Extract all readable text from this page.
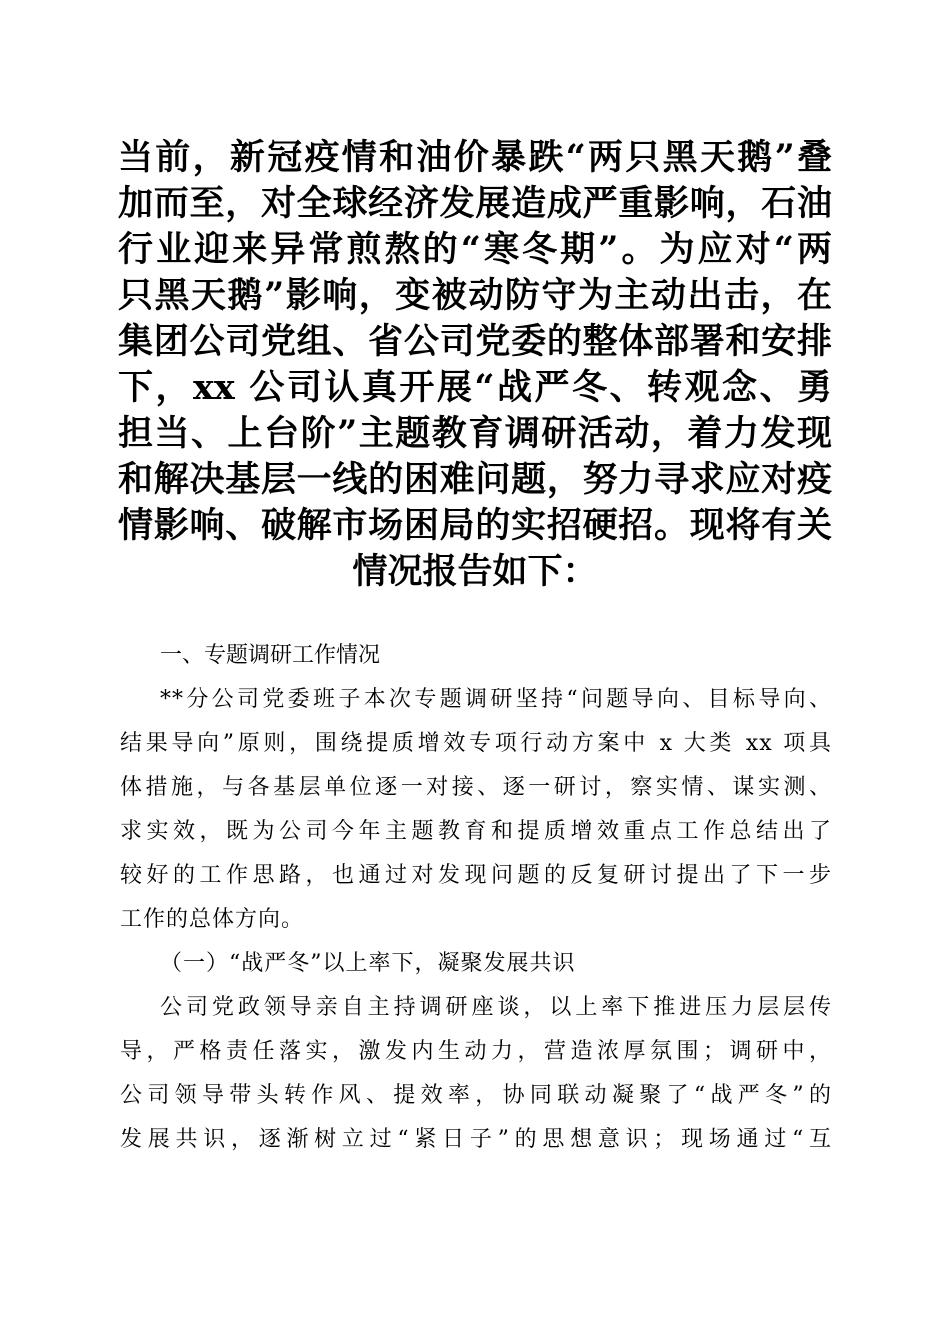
当前，新冠疫情和油价暴跌“两只黑天鹅”叠
加而至，对全球经济发展造成严重影响，石油
行业迎来异常煎熬的“寒冬期”。为应对“两
只黑天鹅”影响，变被动防守为主动出击，在
集团公司党组、省公司党委的整体部署和安排
下，xx 公司认真开展“战严冬、转观念、勇
担当、上台阶”主题教育调研活动，着力发现
和解决基层一线的困难问题，努力寻求应对疫
情影响、破解市场困局的实招硬招。现将有关
情况报告如下：
一、专题调研工作情况
**分公司党委班子本次专题调研坚持“问题导向、目标导向、
结果导向”原则，围绕提质增效专项行动方案中 x 大类 xx 项具
体措施，与各基层单位逐一对接、逐一研讨，察实情、谋实测、
求实效，既为公司今年主题教育和提质增效重点工作总结出了
较好的工作思路，也通过对发现问题的反复研讨提出了下一步
工作的总体方向。
（一）“战严冬”以上率下，凝聚发展共识
公司党政领导亲自主持调研座谈，以上率下推进压力层层传
导，严格责任落实，激发内生动力，营造浓厚氛围；调研中，
公司领导带头转作风、提效率，协同联动凝聚了“战严冬”的
发展共识，逐渐树立过“紧日子”的思想意识；现场通过“互
